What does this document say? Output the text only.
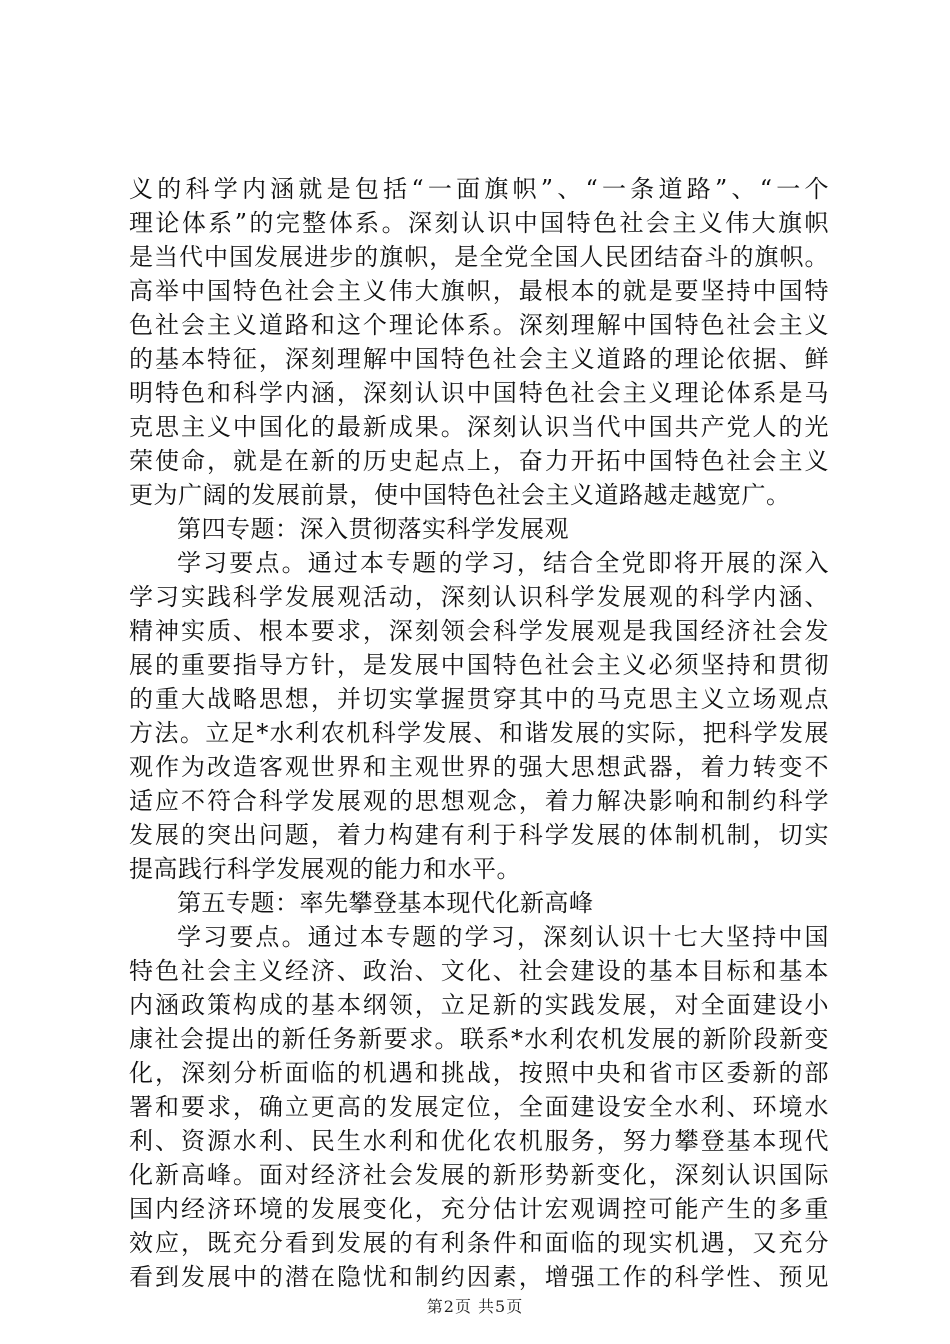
义的科学内涵就是包括“一面旗帜”、“一条道路”、“一个
理论体系”的完整体系。深刻认识中国特色社会主义伟大旗帜
是当代中国发展进步的旗帜，是全党全国人民团结奋斗的旗帜。
高举中国特色社会主义伟大旗帜，最根本的就是要坚持中国特
色社会主义道路和这个理论体系。深刻理解中国特色社会主义
的基本特征，深刻理解中国特色社会主义道路的理论依据、鲜
明特色和科学内涵，深刻认识中国特色社会主义理论体系是马
克思主义中国化的最新成果。深刻认识当代中国共产党人的光
荣使命，就是在新的历史起点上，奋力开拓中国特色社会主义
更为广阔的发展前景，使中国特色社会主义道路越走越宽广。
第四专题：深入贯彻落实科学发展观
学习要点。通过本专题的学习，结合全党即将开展的深入
学习实践科学发展观活动，深刻认识科学发展观的科学内涵、
精神实质、根本要求，深刻领会科学发展观是我国经济社会发
展的重要指导方针，是发展中国特色社会主义必须坚持和贯彻
的重大战略思想，并切实掌握贯穿其中的马克思主义立场观点
方法。立足*水利农机科学发展、和谐发展的实际，把科学发展
观作为改造客观世界和主观世界的强大思想武器，着力转变不
适应不符合科学发展观的思想观念，着力解决影响和制约科学
发展的突出问题，着力构建有利于科学发展的体制机制，切实
提高践行科学发展观的能力和水平。
第五专题：率先攀登基本现代化新高峰
学习要点。通过本专题的学习，深刻认识十七大坚持中国
特色社会主义经济、政治、文化、社会建设的基本目标和基本
内涵政策构成的基本纲领，立足新的实践发展，对全面建设小
康社会提出的新任务新要求。联系*水利农机发展的新阶段新变
化，深刻分析面临的机遇和挑战，按照中央和省市区委新的部
署和要求，确立更高的发展定位，全面建设安全水利、环境水
利、资源水利、民生水利和优化农机服务，努力攀登基本现代
化新高峰。面对经济社会发展的新形势新变化，深刻认识国际
国内经济环境的发展变化，充分估计宏观调控可能产生的多重
效应，既充分看到发展的有利条件和面临的现实机遇，又充分
看到发展中的潜在隐忧和制约因素，增强工作的科学性、预见
第2页 共5页
